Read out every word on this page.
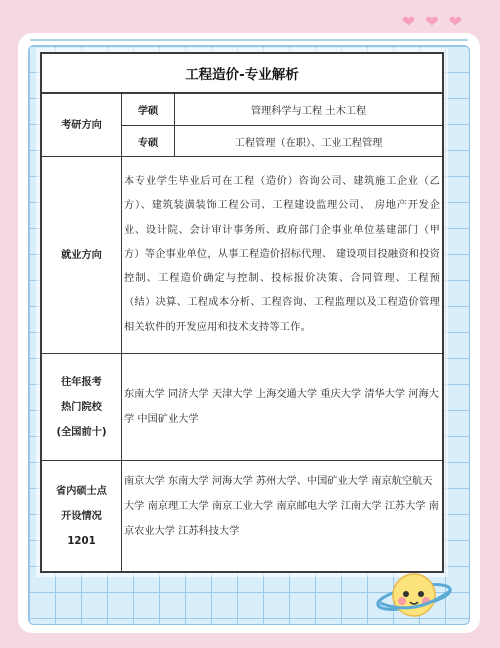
❤ ❤ ❤
工程造价-专业解析		
考研方向	学硕	管理科学与工程 土木工程
	专硕	工程管理（在职）、工业工程管理
就业方向	本专业学生毕业后可在工程（造价）咨询公司、建筑施工企业（乙方）、建筑装潢装饰工程公司、工程建设监理公司、 房地产开发企业、设计院、会计审计事务所、政府部门企事业单位基建部门（甲方）等企事业单位，从事工程造价招标代理、 建设项目投融资和投资控制、工程造价确定与控制、投标报价决策、合同管理、工程预（结）决算、工程成本分析、工程咨询、工程监理以及工程造价管理相关软件的开发应用和技术支持等工作。	

往年报考
热门院校
(全国前十)	东南大学 同济大学 天津大学 上海交通大学 重庆大学 清华大学 河海大学 中国矿业大学	

省内硕士点
开设情况
1201	南京大学 东南大学 河海大学 苏州大学、中国矿业大学 南京航空航天大学 南京理工大学 南京工业大学 南京邮电大学 江南大学 江苏大学 南京农业大学 江苏科技大学	
